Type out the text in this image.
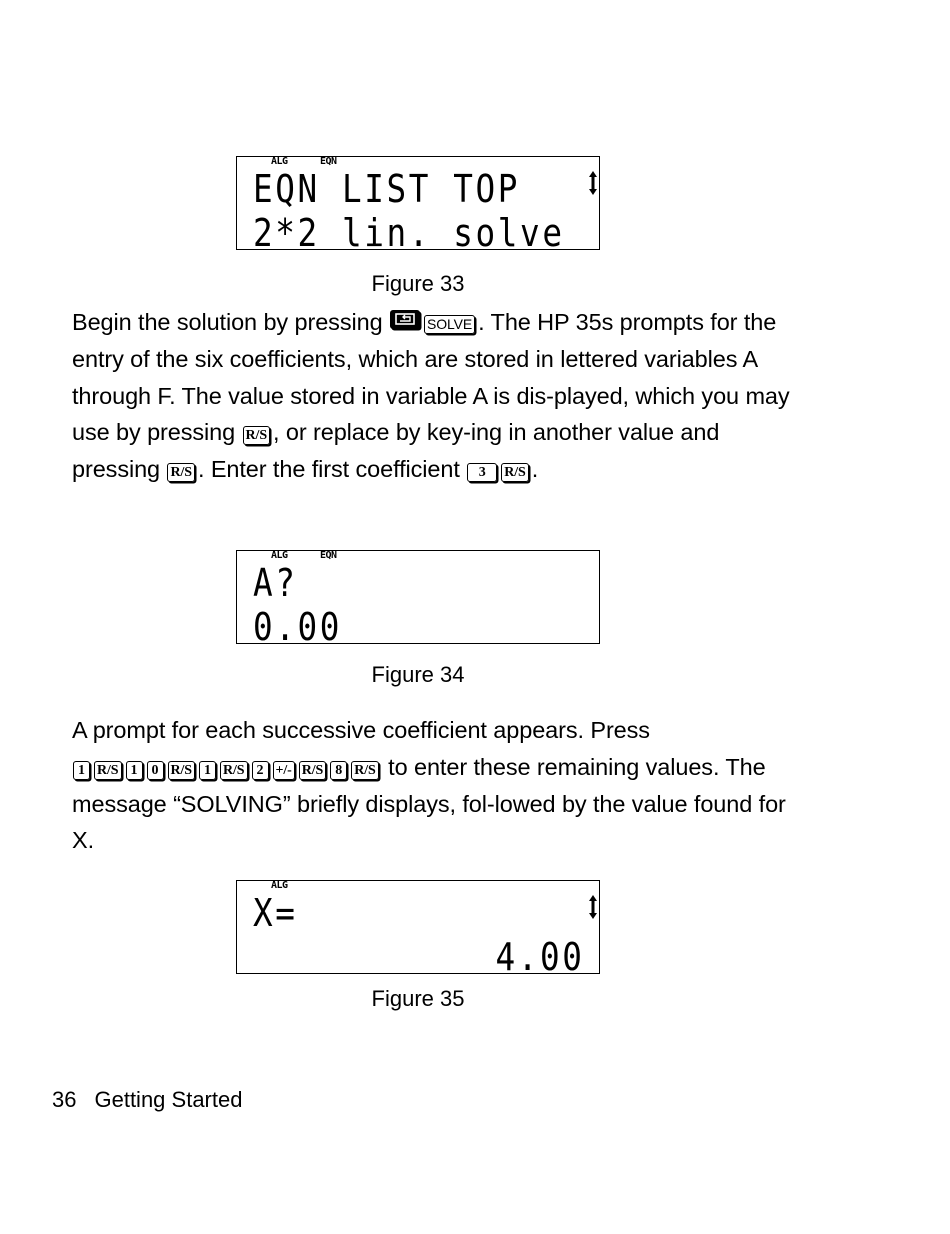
ALG	EQN
EQN LIST TOP
2*2 lin. solve
Figure 33
Begin the solution by pressing	SOLVE . The HP 35s prompts for the entry of the six coefficients, which are stored in lettered variables A through F. The value stored in variable A is dis-played, which you may use by pressing R/S , or replace by key-ing in another value and pressing R/S . Enter the first coefficient 3 R/S .
ALG	EQN
A?
0.00
Figure 34
A prompt for each successive coefficient appears. Press
1 R/S 1 0 R/S 1 R/S 2 +/- R/S 8 R/S to enter these remaining values. The message “SOLVING” briefly displays, fol-lowed by the value found for X.
ALG
X=
4.00
Figure 35
36 Getting Started
